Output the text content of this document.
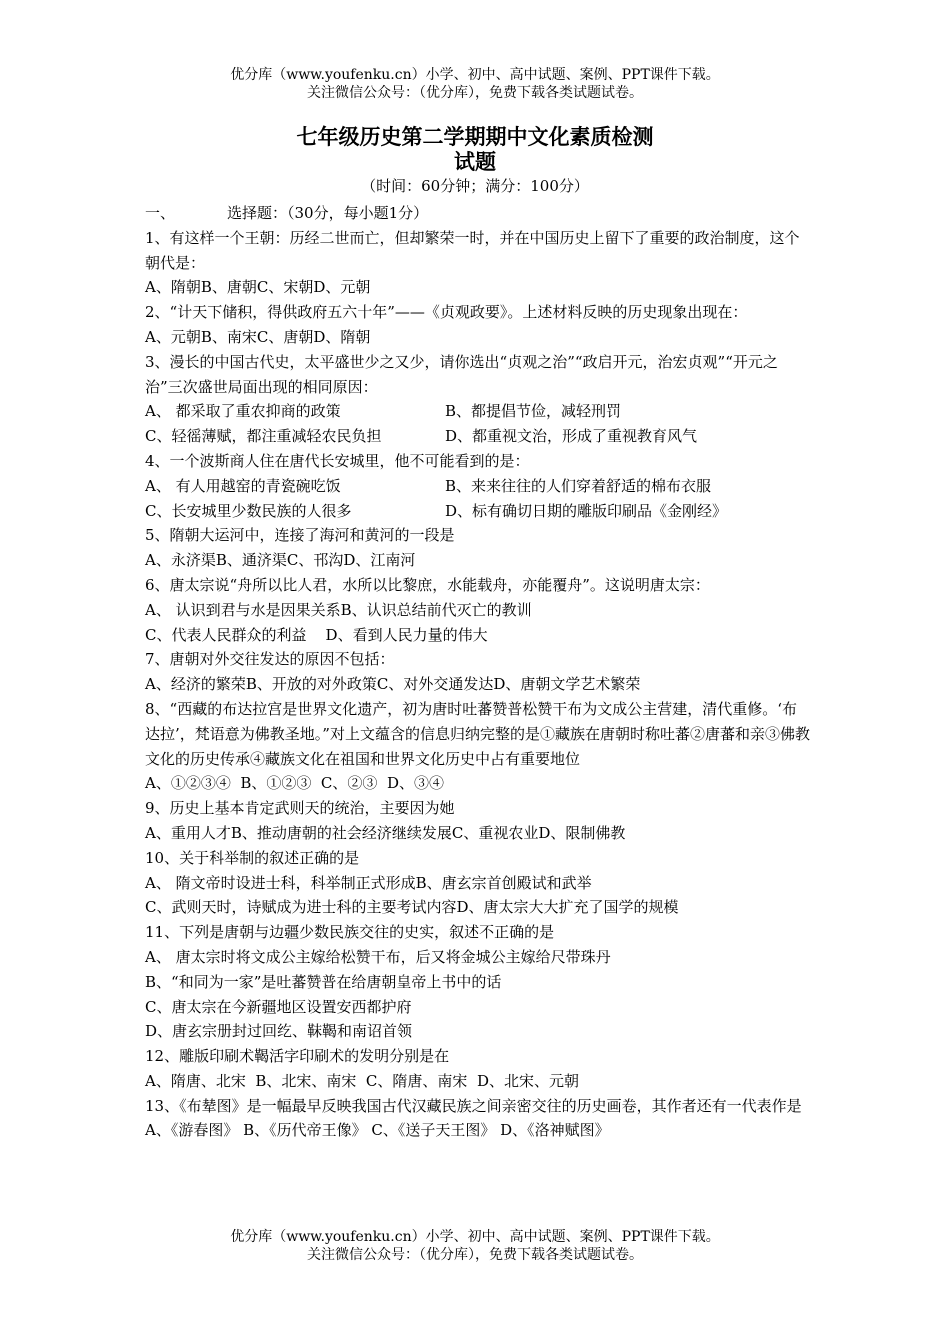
优分库（www.youfenku.cn）小学、初中、高中试题、案例、PPT课件下载。
关注微信公众号：（优分库），免费下载各类试题试卷。
七年级历史第二学期期中文化素质检测
试题
（时间：60分钟；满分：100分）
一、	选择题：（30分，每小题1分）
1、有这样一个王朝：历经二世而亡，但却繁荣一时，并在中国历史上留下了重要的政治制度，这个朝代是：
A、隋朝B、唐朝C、宋朝D、元朝
2、“计天下储积，得供政府五六十年”——《贞观政要》。上述材料反映的历史现象出现在：
A、元朝B、南宋C、唐朝D、隋朝
3、漫长的中国古代史，太平盛世少之又少，请你选出“贞观之治”“政启开元，治宏贞观”“开元之治”三次盛世局面出现的相同原因：
A、 都采取了重农抑商的政策	B、都提倡节俭，减轻刑罚
C、轻徭薄赋，都注重减轻农民负担	D、都重视文治，形成了重视教育风气
4、一个波斯商人住在唐代长安城里，他不可能看到的是：
A、 有人用越窑的青瓷碗吃饭	B、来来往往的人们穿着舒适的棉布衣服
C、长安城里少数民族的人很多	D、标有确切日期的雕版印刷品《金刚经》
5、隋朝大运河中，连接了海河和黄河的一段是
A、永济渠B、通济渠C、邗沟D、江南河
6、唐太宗说“舟所以比人君，水所以比黎庶，水能载舟，亦能覆舟”。这说明唐太宗：
A、 认识到君与水是因果关系B、认识总结前代灭亡的教训
C、代表人民群众的利益    D、看到人民力量的伟大
7、唐朝对外交往发达的原因不包括：
A、经济的繁荣B、开放的对外政策C、对外交通发达D、唐朝文学艺术繁荣
8、“西藏的布达拉宫是世界文化遗产，初为唐时吐蕃赞普松赞干布为文成公主营建，清代重修。‘布达拉’，梵语意为佛教圣地。”对上文蕴含的信息归纳完整的是①藏族在唐朝时称吐蕃②唐蕃和亲③佛教文化的历史传承④藏族文化在祖国和世界文化历史中占有重要地位
A、①②③④  B、①②③  C、②③  D、③④
9、历史上基本肯定武则天的统治，主要因为她
A、重用人才B、推动唐朝的社会经济继续发展C、重视农业D、限制佛教
10、关于科举制的叙述正确的是
A、 隋文帝时设进士科，科举制正式形成B、唐玄宗首创殿试和武举
C、武则天时，诗赋成为进士科的主要考试内容D、唐太宗大大扩充了国学的规模
11、下列是唐朝与边疆少数民族交往的史实，叙述不正确的是
A、 唐太宗时将文成公主嫁给松赞干布，后又将金城公主嫁给尺带珠丹
B、“和同为一家”是吐蕃赞普在给唐朝皇帝上书中的话
C、唐太宗在今新疆地区设置安西都护府
D、唐玄宗册封过回纥、靺鞨和南诏首领
12、雕版印刷术鞨活字印刷术的发明分别是在
A、隋唐、北宋  B、北宋、南宋  C、隋唐、南宋  D、北宋、元朝
13、《布辇图》是一幅最早反映我国古代汉藏民族之间亲密交往的历史画卷，其作者还有一代表作是
A、《游春图》 B、《历代帝王像》 C、《送子天王图》 D、《洛神赋图》
优分库（www.youfenku.cn）小学、初中、高中试题、案例、PPT课件下载。
关注微信公众号：（优分库），免费下载各类试题试卷。
